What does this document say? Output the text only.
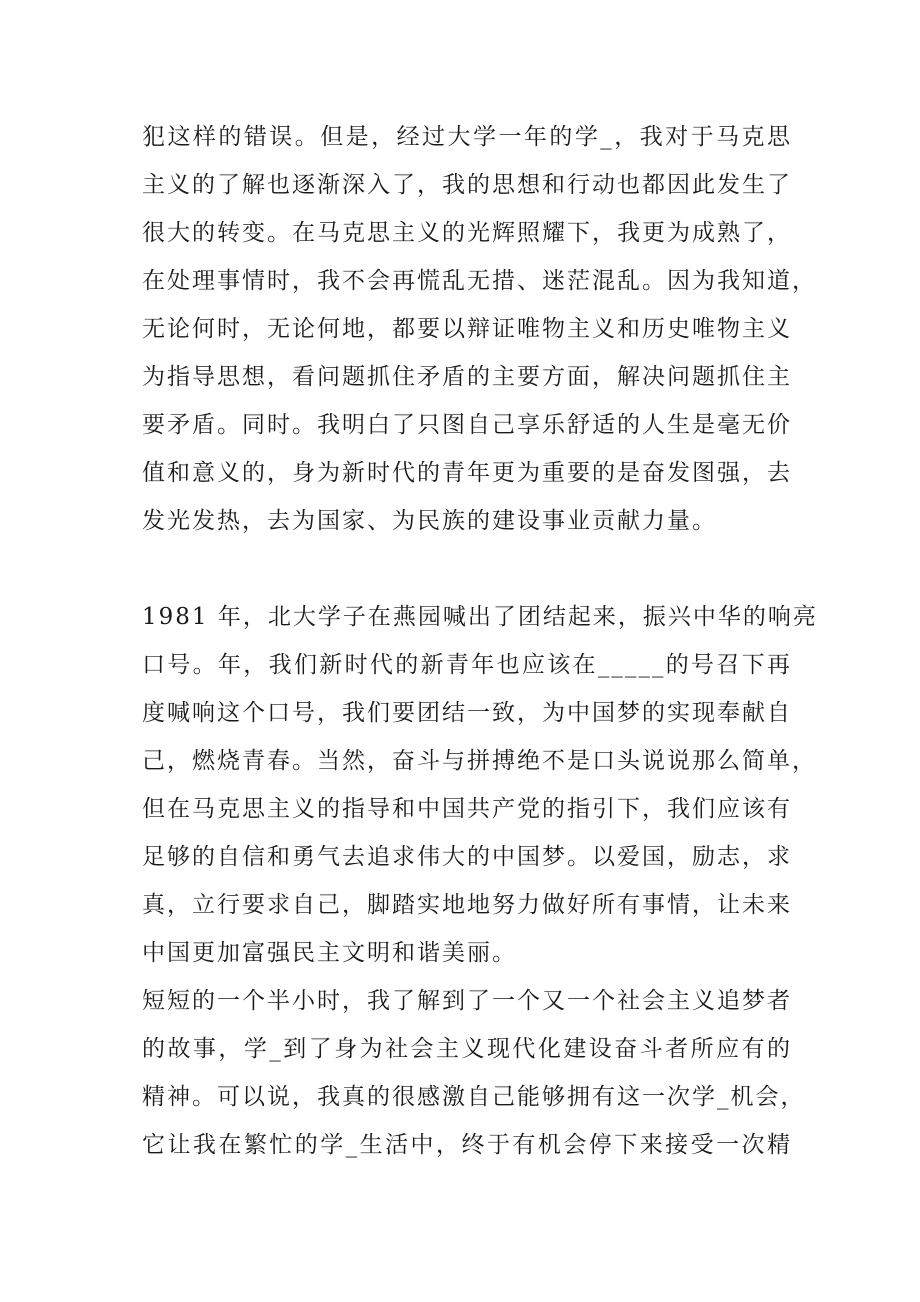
犯这样的错误。但是，经过大学一年的学_，我对于马克思
主义的了解也逐渐深入了，我的思想和行动也都因此发生了
很大的转变。在马克思主义的光辉照耀下，我更为成熟了，
在处理事情时，我不会再慌乱无措、迷茫混乱。因为我知道，
无论何时，无论何地，都要以辩证唯物主义和历史唯物主义
为指导思想，看问题抓住矛盾的主要方面，解决问题抓住主
要矛盾。同时。我明白了只图自己享乐舒适的人生是毫无价
值和意义的，身为新时代的青年更为重要的是奋发图强，去
发光发热，去为国家、为民族的建设事业贡献力量。
1981 年，北大学子在燕园喊出了团结起来，振兴中华的响亮
口号。年，我们新时代的新青年也应该在_____的号召下再
度喊响这个口号，我们要团结一致，为中国梦的实现奉献自
己，燃烧青春。当然，奋斗与拼搏绝不是口头说说那么简单，
但在马克思主义的指导和中国共产党的指引下，我们应该有
足够的自信和勇气去追求伟大的中国梦。以爱国，励志，求
真，立行要求自己，脚踏实地地努力做好所有事情，让未来
中国更加富强民主文明和谐美丽。
短短的一个半小时，我了解到了一个又一个社会主义追梦者
的故事，学_到了身为社会主义现代化建设奋斗者所应有的
精神。可以说，我真的很感激自己能够拥有这一次学_机会，
它让我在繁忙的学_生活中，终于有机会停下来接受一次精
